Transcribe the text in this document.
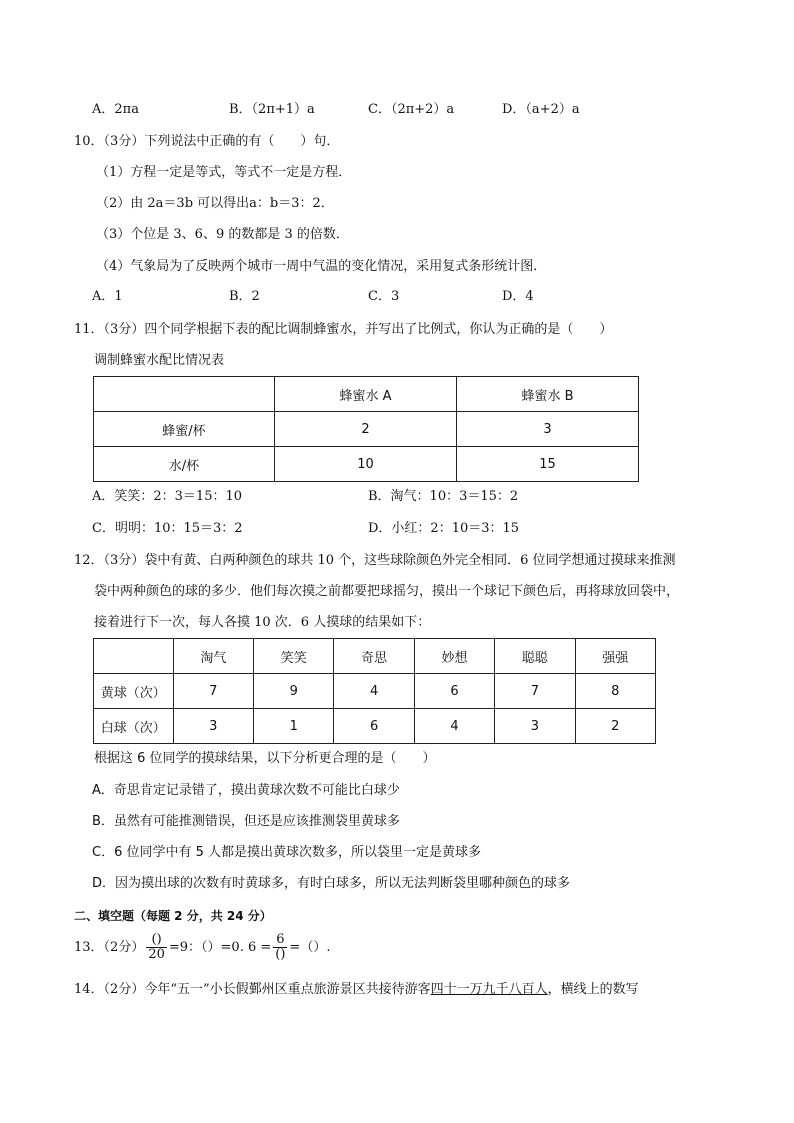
A．2πa	B．（2π+1）a	C．（2π+2）a	D．（a+2）a
10．（3分）下列说法中正确的有（　　）句．
（1）方程一定是等式，等式不一定是方程．
（2）由 2a＝3b 可以得出a：b＝3：2．
（3）个位是 3、6、9 的数都是 3 的倍数．
（4）气象局为了反映两个城市一周中气温的变化情况，采用复式条形统计图．
A．1	B．2	C．3	D．4
11．（3分）四个同学根据下表的配比调制蜂蜜水，并写出了比例式，你认为正确的是（　　）
调制蜂蜜水配比情况表
	蜂蜜水 A	蜂蜜水 B
蜂蜜/杯	2	3
水/杯	10	15
A．笑笑：2：3＝15：10	B．淘气：10：3＝15：2
C．明明：10：15＝3：2	D．小红：2：10＝3：15
12．（3分）袋中有黄、白两种颜色的球共 10 个，这些球除颜色外完全相同．6 位同学想通过摸球来推测
袋中两种颜色的球的多少．他们每次摸之前都要把球摇匀，摸出一个球记下颜色后，再将球放回袋中，
接着进行下一次，每人各摸 10 次．6 人摸球的结果如下：
	淘气	笑笑	奇思	妙想	聪聪	强强
黄球（次）	7	9	4	6	7	8
白球（次）	3	1	6	4	3	2
根据这 6 位同学的摸球结果，以下分析更合理的是（　　）
A．奇思肯定记录错了，摸出黄球次数不可能比白球少
B．虽然有可能推测错误，但还是应该推测袋里黄球多
C．6 位同学中有 5 人都是摸出黄球次数多，所以袋里一定是黄球多
D．因为摸出球的次数有时黄球多，有时白球多，所以无法判断袋里哪种颜色的球多
二、填空题（每题 2 分，共 24 分）
13．（2分） $\frac{()}{20} =9$：（）=0. $6 = \frac{6}{()}$ =（）.
14．（2分）今年“五一”小长假鄞州区重点旅游景区共接待游客四十一万九千八百人，横线上的数写
